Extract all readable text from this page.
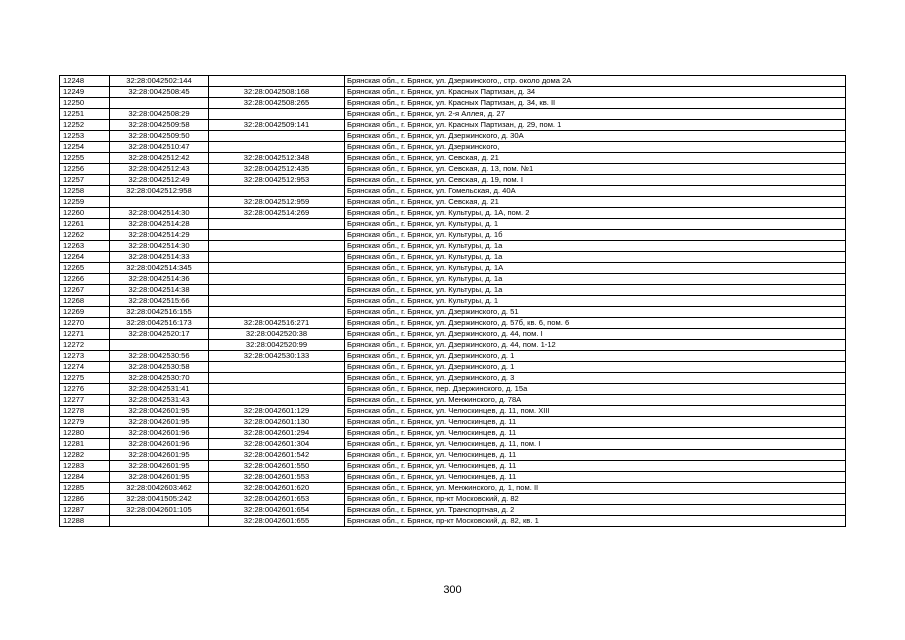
12248	32:28:0042502:144		Брянская обл., г. Брянск, ул. Дзержинского,, стр. около дома 2А
12249	32:28:0042508:45	32:28:0042508:168	Брянская обл., г. Брянск, ул. Красных Партизан, д. 34
12250		32:28:0042508:265	Брянская обл., г. Брянск, ул. Красных Партизан, д. 34, кв. II
12251	32:28:0042508:29		Брянская обл., г. Брянск, ул. 2-я Аллея, д. 27
12252	32:28:0042509:58	32:28:0042509:141	Брянская обл., г. Брянск, ул. Красных Партизан, д. 29, пом. 1
12253	32:28:0042509:50		Брянская обл., г. Брянск, ул. Дзержинского, д. 30А
12254	32:28:0042510:47		Брянская обл., г. Брянск, ул. Дзержинского,
12255	32:28:0042512:42	32:28:0042512:348	Брянская обл., г. Брянск, ул. Севская, д. 21
12256	32:28:0042512:43	32:28:0042512:435	Брянская обл., г. Брянск, ул. Севская, д. 13, пом. №1
12257	32:28:0042512:49	32:28:0042512:953	Брянская обл., г. Брянск, ул. Севская, д. 19, пом. I
12258	32:28:0042512:958		Брянская обл., г. Брянск, ул. Гомельская, д. 40А
12259		32:28:0042512:959	Брянская обл., г. Брянск, ул. Севская, д. 21
12260	32:28:0042514:30	32:28:0042514:269	Брянская обл., г. Брянск, ул. Культуры, д. 1А, пом. 2
12261	32:28:0042514:28		Брянская обл., г. Брянск, ул. Культуры, д. 1
12262	32:28:0042514:29		Брянская обл., г. Брянск, ул. Культуры, д. 1б
12263	32:28:0042514:30		Брянская обл., г. Брянск, ул. Культуры, д. 1а
12264	32:28:0042514:33		Брянская обл., г. Брянск, ул. Культуры, д. 1а
12265	32:28:0042514:345		Брянская обл., г. Брянск, ул. Культуры, д. 1А
12266	32:28:0042514:36		Брянская обл., г. Брянск, ул. Культуры, д. 1а
12267	32:28:0042514:38		Брянская обл., г. Брянск, ул. Культуры, д. 1а
12268	32:28:0042515:66		Брянская обл., г. Брянск, ул. Культуры, д. 1
12269	32:28:0042516:155		Брянская обл., г. Брянск, ул. Дзержинского, д. 51
12270	32:28:0042516:173	32:28:0042516:271	Брянская обл., г. Брянск, ул. Дзержинского, д. 57б, кв. 6, пом. 6
12271	32:28:0042520:17	32:28:0042520:38	Брянская обл., г. Брянск, ул. Дзержинского, д. 44, пом. I
12272		32:28:0042520:99	Брянская обл., г. Брянск, ул. Дзержинского, д. 44, пом. 1-12
12273	32:28:0042530:56	32:28:0042530:133	Брянская обл., г. Брянск, ул. Дзержинского, д. 1
12274	32:28:0042530:58		Брянская обл., г. Брянск, ул. Дзержинского, д. 1
12275	32:28:0042530:70		Брянская обл., г. Брянск, ул. Дзержинского, д. 3
12276	32:28:0042531:41		Брянская обл., г. Брянск, пер. Дзержинского, д. 15а
12277	32:28:0042531:43		Брянская обл., г. Брянск, ул. Менжинского, д. 78А
12278	32:28:0042601:95	32:28:0042601:129	Брянская обл., г. Брянск, ул. Челюскинцев, д. 11, пом. XIII
12279	32:28:0042601:95	32:28:0042601:130	Брянская обл., г. Брянск, ул. Челюскинцев, д. 11
12280	32:28:0042601:96	32:28:0042601:294	Брянская обл., г. Брянск, ул. Челюскинцев, д. 11
12281	32:28:0042601:96	32:28:0042601:304	Брянская обл., г. Брянск, ул. Челюскинцев, д. 11, пом. I
12282	32:28:0042601:95	32:28:0042601:542	Брянская обл., г. Брянск, ул. Челюскинцев, д. 11
12283	32:28:0042601:95	32:28:0042601:550	Брянская обл., г. Брянск, ул. Челюскинцев, д. 11
12284	32:28:0042601:95	32:28:0042601:553	Брянская обл., г. Брянск, ул. Челюскинцев, д. 11
12285	32:28:0042603:462	32:28:0042601:620	Брянская обл., г. Брянск, ул. Менжинского, д. 1, пом. II
12286	32:28:0041505:242	32:28:0042601:653	Брянская обл., г. Брянск, пр-кт Московский, д. 82
12287	32:28:0042601:105	32:28:0042601:654	Брянская обл., г. Брянск, ул. Транспортная, д. 2
12288		32:28:0042601:655	Брянская обл., г. Брянск, пр-кт Московский, д. 82, кв. 1
300
